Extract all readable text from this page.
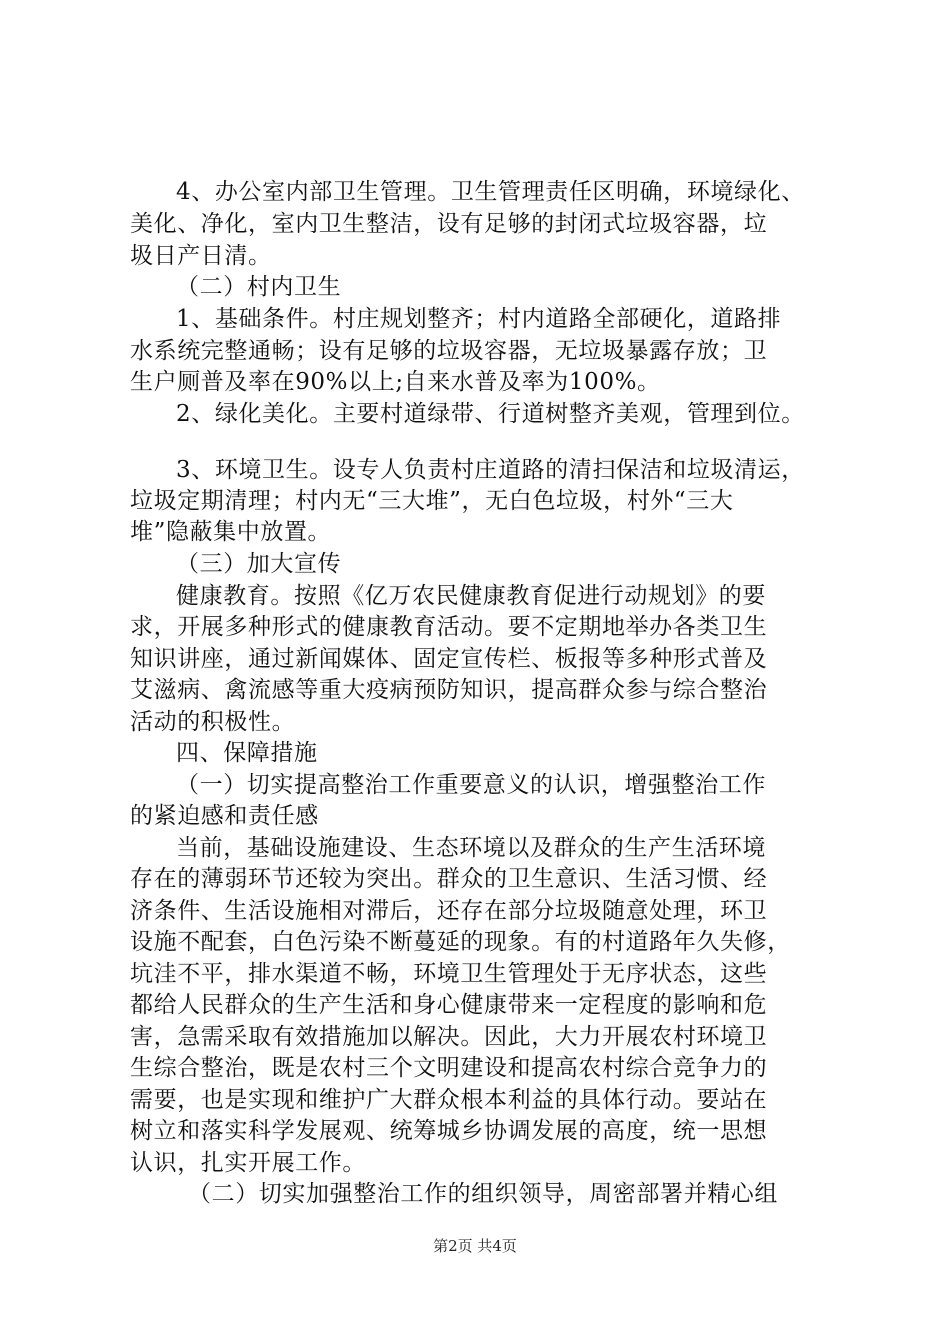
4、办公室内部卫生管理。卫生管理责任区明确，环境绿化、
美化、净化，室内卫生整洁，设有足够的封闭式垃圾容器，垃
圾日产日清。
（二）村内卫生
1、基础条件。村庄规划整齐；村内道路全部硬化，道路排
水系统完整通畅；设有足够的垃圾容器，无垃圾暴露存放；卫
生户厕普及率在90%以上;自来水普及率为100%。
2、绿化美化。主要村道绿带、行道树整齐美观，管理到位。
3、环境卫生。设专人负责村庄道路的清扫保洁和垃圾清运，
垃圾定期清理；村内无“三大堆”，无白色垃圾，村外“三大
堆”隐蔽集中放置。
（三）加大宣传
健康教育。按照《亿万农民健康教育促进行动规划》的要
求，开展多种形式的健康教育活动。要不定期地举办各类卫生
知识讲座，通过新闻媒体、固定宣传栏、板报等多种形式普及
艾滋病、禽流感等重大疫病预防知识，提高群众参与综合整治
活动的积极性。
四、保障措施
（一）切实提高整治工作重要意义的认识，增强整治工作
的紧迫感和责任感
当前，基础设施建设、生态环境以及群众的生产生活环境
存在的薄弱环节还较为突出。群众的卫生意识、生活习惯、经
济条件、生活设施相对滞后，还存在部分垃圾随意处理，环卫
设施不配套，白色污染不断蔓延的现象。有的村道路年久失修，
坑洼不平，排水渠道不畅，环境卫生管理处于无序状态，这些
都给人民群众的生产生活和身心健康带来一定程度的影响和危
害，急需采取有效措施加以解决。因此，大力开展农村环境卫
生综合整治，既是农村三个文明建设和提高农村综合竞争力的
需要，也是实现和维护广大群众根本利益的具体行动。要站在
树立和落实科学发展观、统筹城乡协调发展的高度，统一思想
认识，扎实开展工作。
（二）切实加强整治工作的组织领导，周密部署并精心组
第2页 共4页
